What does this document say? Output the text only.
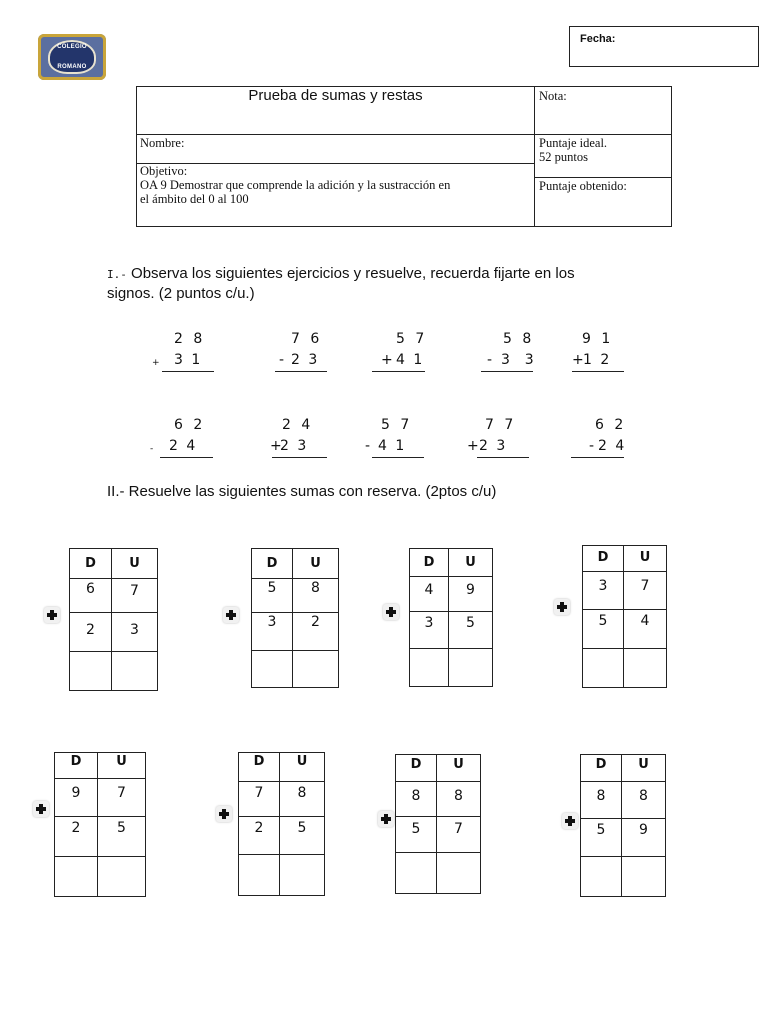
COLEGIO
ROMANO
Fecha:
Prueba de sumas y restas	Nota:
Nombre:	Puntaje ideal.
52 puntos
Objetivo:
OA 9 Demostrar que comprende la adición y la sustracción en
el ámbito del 0 al 100
Puntaje obtenido:
I.- Observa los siguientes ejercicios y resuelve, recuerda fijarte en los
signos. (2 puntos c/u.)
2 8
+ 3 1
7 6
- 2 3
5 7
+ 4 1
5 8
- 3  3
9 1
+ 1 2
6 2
- 2 4
2 4
+
2 3
5 7
- 4 1
7 7
+ 2 3
6 2
- 2 4
II.- Resuelve las siguientes sumas con reserva. (2ptos c/u)
D	U
6	7
2	3
D	U
5	8
3	2
D	U
4	9
3	5
D	U
3	7
5	4
D	U
9	7
2	5
D	U
7	8
2	5
D	U
8	8
5	7
D	U
8	8
5	9
